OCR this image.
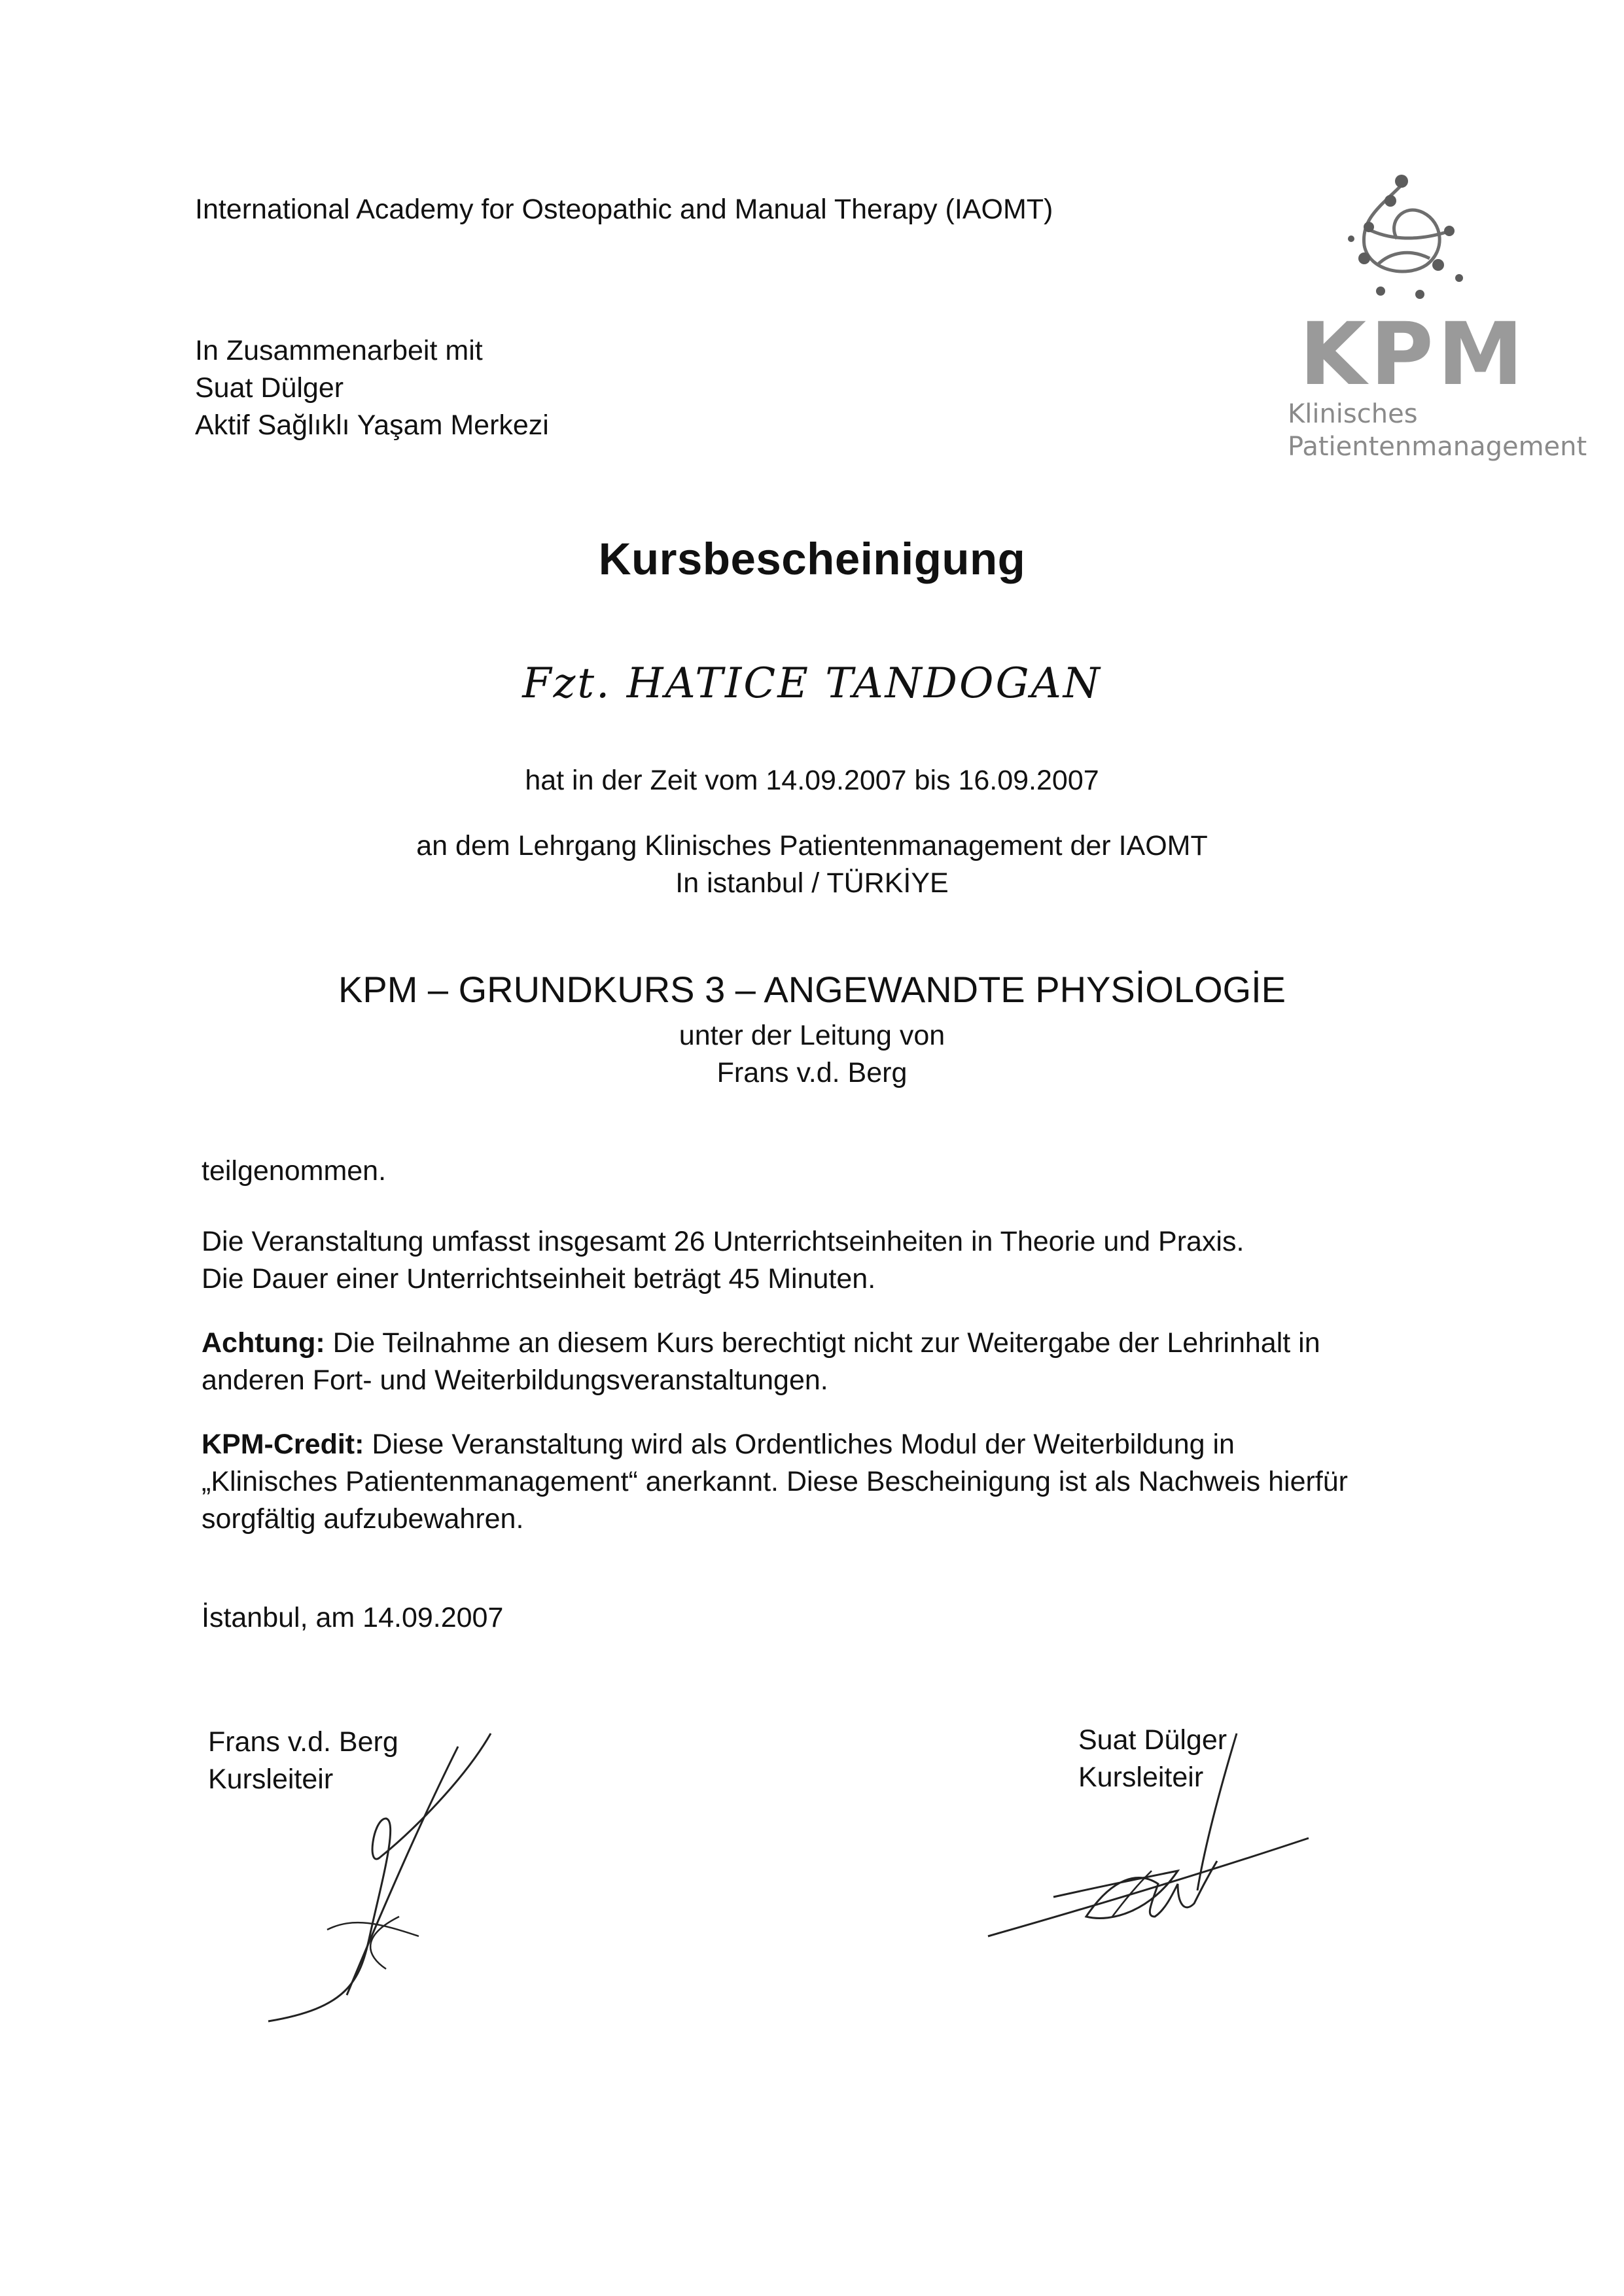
International Academy for Osteopathic and Manual Therapy (IAOMT)
In Zusammenarbeit mit
Suat Dülger
Aktif Sağlıklı Yaşam Merkezi
KPM
Klinisches
Patientenmanagement
Kursbescheinigung
Fzt. HATICE TANDOGAN
hat in der Zeit vom 14.09.2007 bis 16.09.2007
an dem Lehrgang Klinisches Patientenmanagement der IAOMT
In istanbul / TÜRKİYE
KPM – GRUNDKURS 3 – ANGEWANDTE PHYSİOLOGİE
unter der Leitung von
Frans v.d. Berg
teilgenommen.
Die Veranstaltung umfasst insgesamt 26 Unterrichtseinheiten in Theorie und Praxis.
Die Dauer einer Unterrichtseinheit beträgt 45 Minuten.
Achtung: Die Teilnahme an diesem Kurs berechtigt nicht zur Weitergabe der Lehrinhalt in
anderen Fort- und Weiterbildungsveranstaltungen.
KPM-Credit: Diese Veranstaltung wird als Ordentliches Modul der Weiterbildung in
„Klinisches Patientenmanagement“ anerkannt. Diese Bescheinigung ist als Nachweis hierfür
sorgfältig aufzubewahren.
İstanbul, am 14.09.2007
Frans v.d. Berg
Kursleiteir
Suat Dülger
Kursleiteir
